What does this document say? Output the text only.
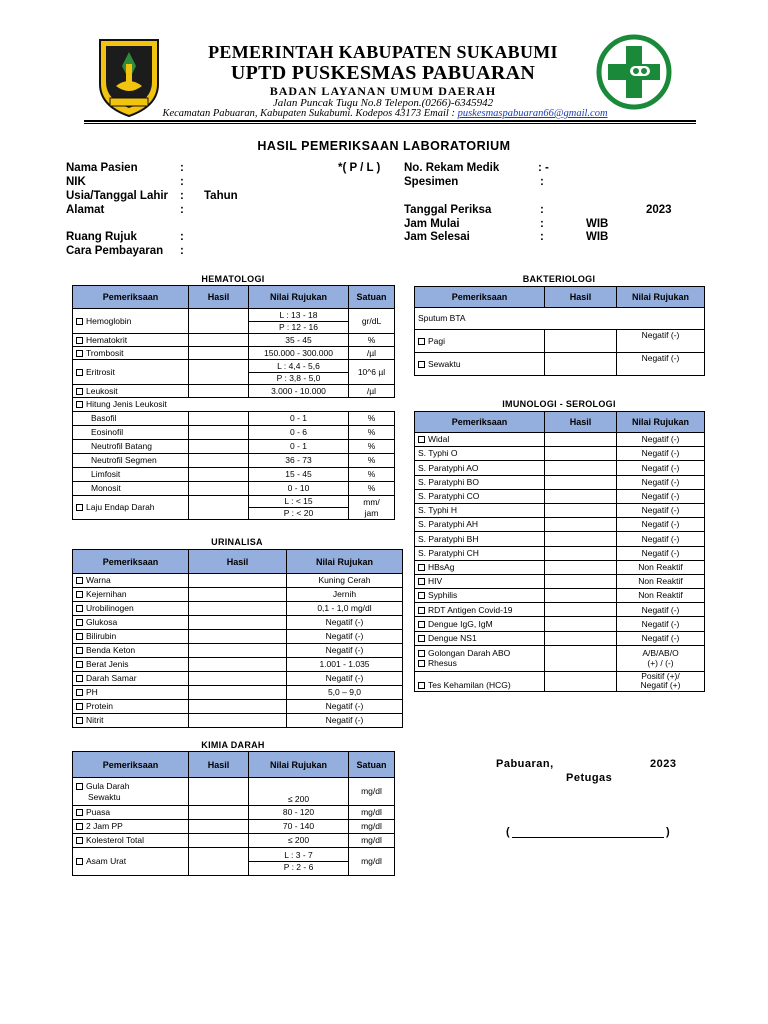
PEMERINTAH KABUPATEN SUKABUMI
UPTD PUSKESMAS PABUARAN
BADAN LAYANAN UMUM DAERAH
Jalan Puncak Tugu No.8 Telepon.(0266)-6345942
Kecamatan Pabuaran, Kabupaten Sukabumi. Kodepos 43173 Email : puskesmaspabuaran66@gmail.com
HASIL PEMERIKSAAN LABORATORIUM
Nama Pasien	:	*( P / L )
NIK	:
Usia/Tanggal Lahir : Tahun
Alamat	:
Ruang Rujuk	:
Cara Pembayaran :
No. Rekam Medik	: -
Spesimen	:
Tanggal Periksa	:	2023
Jam Mulai	:	WIB
Jam Selesai	:	WIB
HEMATOLOGI
Pemeriksaan	Hasil	Nilai Rujukan	Satuan
Hemoglobin		L : 13 - 18
P : 12 - 16	gr/dL
Hematokrit		35 - 45	%
Trombosit		150.000 - 300.000	/µl
Eritrosit		L : 4,4 - 5,6
P : 3,8 - 5,0	10^6 µl
Leukosit		3.000 - 10.000	/µl
Hitung Jenis Leukosit			
Basofil		0 - 1	%
Eosinofil		0 - 6	%
Neutrofil Batang		0 - 1	%
Neutrofil Segmen		36 - 73	%
Limfosit		15 - 45	%
Monosit		0 - 10	%
Laju Endap Darah		L : < 15
P : < 20	mm/
jam
URINALISA
Pemeriksaan	Hasil	Nilai Rujukan
Warna		Kuning Cerah
Kejernihan		Jernih
Urobilinogen		0,1 - 1,0 mg/dl
Glukosa		Negatif (-)
Bilirubin		Negatif (-)
Benda Keton		Negatif (-)
Berat Jenis		1.001 - 1.035
Darah Samar		Negatif (-)
PH		5,0 – 9,0
Protein		Negatif (-)
Nitrit		Negatif (-)
KIMIA DARAH
Pemeriksaan	Hasil	Nilai Rujukan	Satuan
Gula Darah
Sewaktu		≤ 200	mg/dl
Puasa		80 - 120	mg/dl
2 Jam PP		70 - 140	mg/dl
Kolesterol Total		≤ 200	mg/dl
Asam Urat		L : 3 - 7
P : 2 - 6	mg/dl
BAKTERIOLOGI
Pemeriksaan	Hasil	Nilai Rujukan
Sputum BTA		
Pagi		Negatif (-)
Sewaktu		Negatif (-)
IMUNOLOGI - SEROLOGI
Pemeriksaan	Hasil	Nilai Rujukan
Widal		Negatif (-)
S. Typhi O		Negatif (-)
S. Paratyphi AO		Negatif (-)
S. Paratyphi BO		Negatif (-)
S. Paratyphi CO		Negatif (-)
S. Typhi H		Negatif (-)
S. Paratyphi AH		Negatif (-)
S. Paratyphi BH		Negatif (-)
S. Paratyphi CH		Negatif (-)
HBsAg		Non Reaktif
HIV		Non Reaktif
Syphilis		Non Reaktif
RDT Antigen Covid-19		Negatif (-)
Dengue IgG, IgM		Negatif (-)
Dengue NS1		Negatif (-)
Golongan Darah ABO
Rhesus		A/B/AB/O
(+) / (-)

Tes Kehamilan (HCG)		Positif (+)/
Negatif (+)
Pabuaran,	2023
Petugas
(	)
